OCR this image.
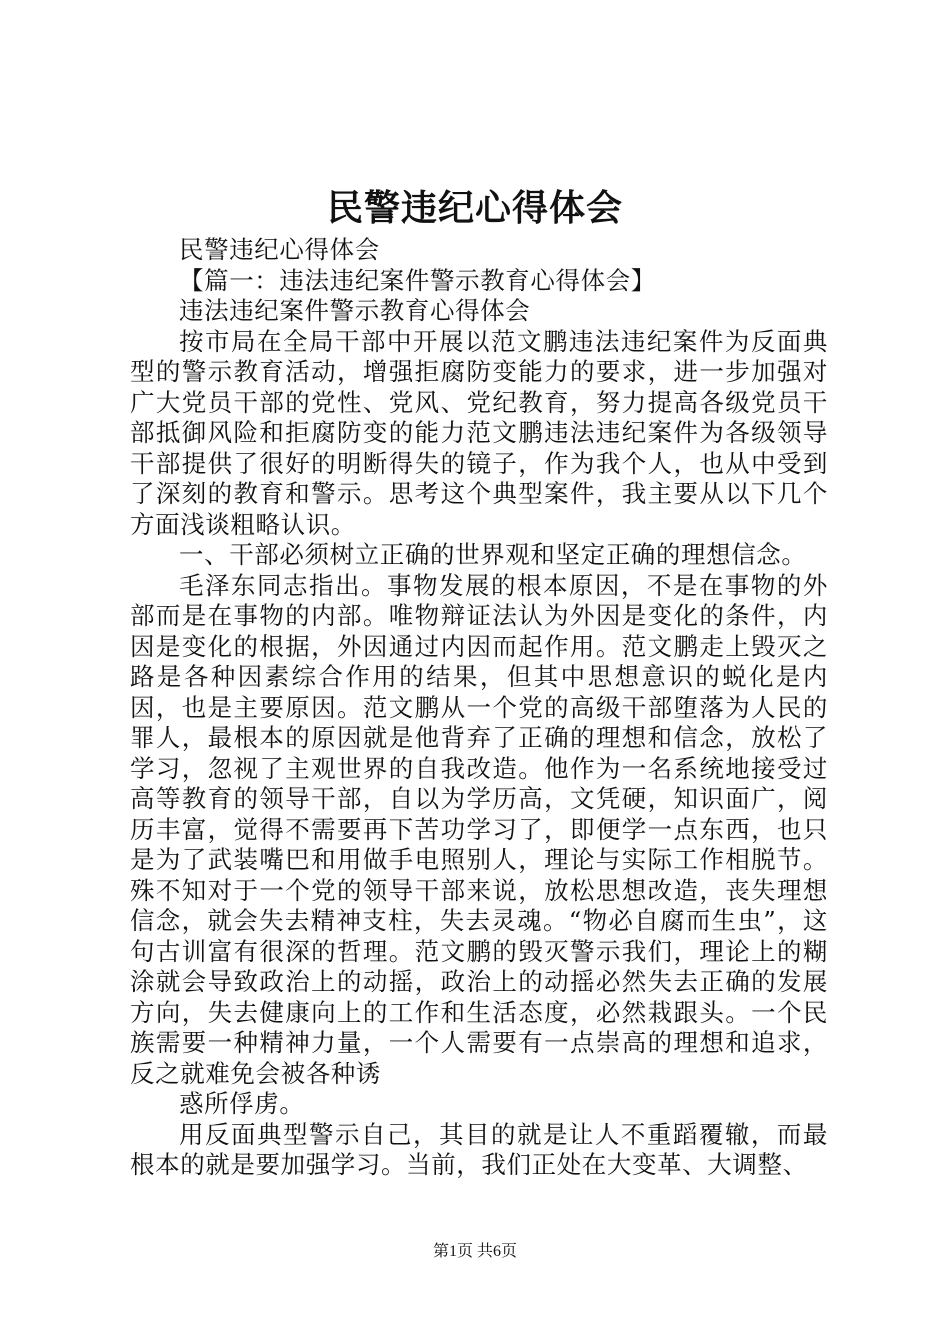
民警违纪心得体会

民警违纪心得体会

【篇一：违法违纪案件警示教育心得体会】

违法违纪案件警示教育心得体会

按市局在全局干部中开展以范文鹏违法违纪案件为反面典型的警示教育活动，增强拒腐防变能力的要求，进一步加强对广大党员干部的党性、党风、党纪教育，努力提高各级党员干部抵御风险和拒腐防变的能力范文鹏违法违纪案件为各级领导干部提供了很好的明断得失的镜子，作为我个人，也从中受到了深刻的教育和警示。思考这个典型案件，我主要从以下几个方面浅谈粗略认识。

一、干部必须树立正确的世界观和坚定正确的理想信念。

毛泽东同志指出。事物发展的根本原因，不是在事物的外部而是在事物的内部。唯物辩证法认为外因是变化的条件，内因是变化的根据，外因通过内因而起作用。范文鹏走上毁灭之路是各种因素综合作用的结果，但其中思想意识的蜕化是内因，也是主要原因。范文鹏从一个党的高级干部堕落为人民的罪人，最根本的原因就是他背弃了正确的理想和信念，放松了学习，忽视了主观世界的自我改造。他作为一名系统地接受过高等教育的领导干部，自以为学历高，文凭硬，知识面广，阅历丰富，觉得不需要再下苦功学习了，即便学一点东西，也只是为了武装嘴巴和用做手电照别人，理论与实际工作相脱节。殊不知对于一个党的领导干部来说，放松思想改造，丧失理想信念，就会失去精神支柱，失去灵魂。“物必自腐而生虫”，这句古训富有很深的哲理。范文鹏的毁灭警示我们，理论上的糊涂就会导致政治上的动摇，政治上的动摇必然失去正确的发展方向，失去健康向上的工作和生活态度，必然栽跟头。一个民族需要一种精神力量，一个人需要有一点崇高的理想和追求，反之就难免会被各种诱

惑所俘虏。

用反面典型警示自己，其目的就是让人不重蹈覆辙，而最根本的就是要加强学习。当前，我们正处在大变革、大调整、

第1页 共6页
